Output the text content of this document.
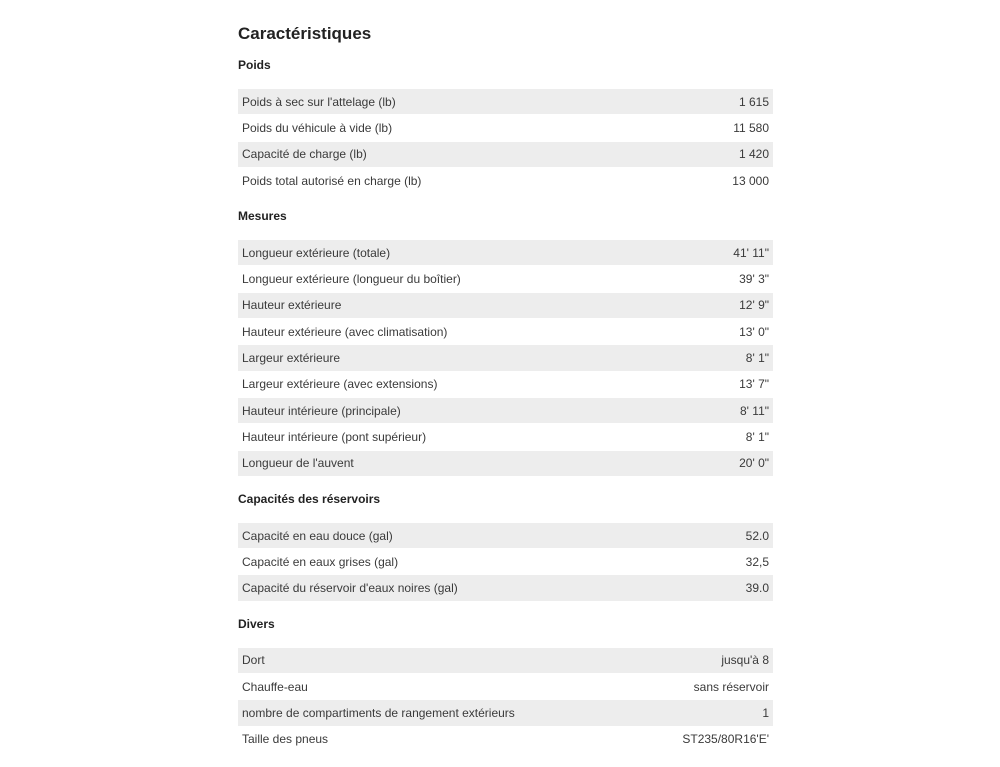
Caractéristiques
Poids
Poids à sec sur l'attelage (lb)	1 615
Poids du véhicule à vide (lb)	11 580
Capacité de charge (lb)	1 420
Poids total autorisé en charge (lb)	13 000
Mesures
Longueur extérieure (totale)	41' 11"
Longueur extérieure (longueur du boîtier)	39' 3"
Hauteur extérieure	12' 9"
Hauteur extérieure (avec climatisation)	13' 0"
Largeur extérieure	8' 1"
Largeur extérieure (avec extensions)	13' 7"
Hauteur intérieure (principale)	8' 11"
Hauteur intérieure (pont supérieur)	8' 1"
Longueur de l'auvent	20' 0"
Capacités des réservoirs
Capacité en eau douce (gal)	52.0
Capacité en eaux grises (gal)	32,5
Capacité du réservoir d'eaux noires (gal)	39.0
Divers
Dort	jusqu'à 8
Chauffe-eau	sans réservoir
nombre de compartiments de rangement extérieurs	1
Taille des pneus	ST235/80R16'E'
